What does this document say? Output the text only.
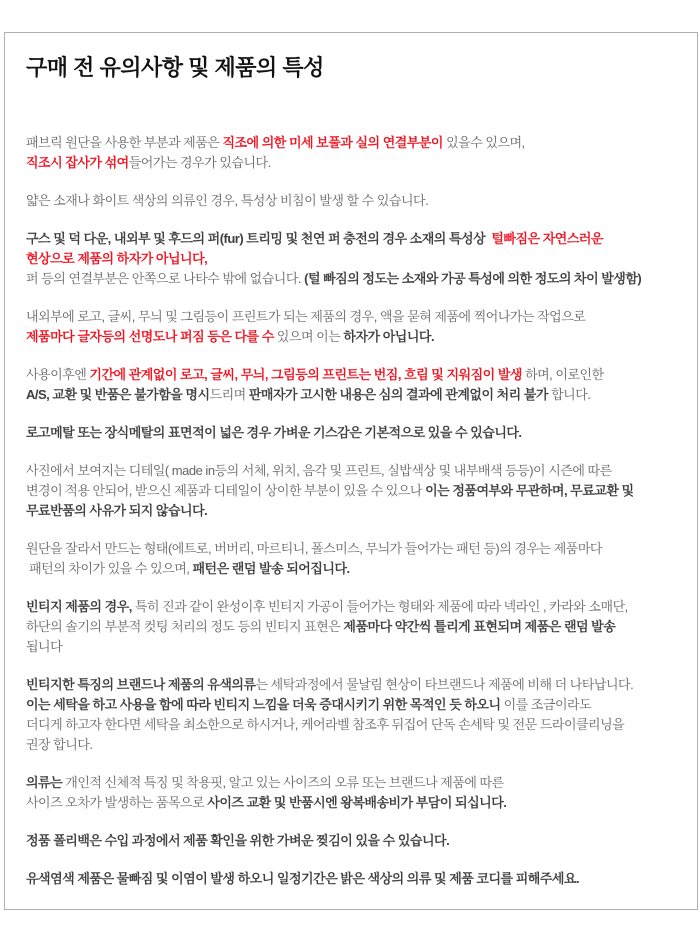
구매 전 유의사항 및 제품의 특성

패브릭 원단을 사용한 부분과 제품은 직조에 의한 미세 보풀과 실의 연결부분이 있을수 있으며,
직조시 잡사가 섞여들어가는 경우가 있습니다.

얇은 소재나 화이트 색상의 의류인 경우, 특성상 비침이 발생 할 수 있습니다.

구스 및 덕 다운, 내외부 및 후드의 퍼(fur) 트리밍 및 천연 퍼 충전의 경우 소재의 특성상  털빠짐은 자연스러운
현상으로 제품의 하자가 아닙니다,
퍼 등의 연결부분은 안쪽으로 나타수 밖에 없습니다. (털 빠짐의 정도는 소재와 가공 특성에 의한 정도의 차이 발생함)

내외부에 로고, 글씨, 무늬 및 그림등이 프린트가 되는 제품의 경우, 액을 묻혀 제품에 찍어나가는 작업으로
제품마다 글자등의 선명도나 퍼짐 등은 다를 수 있으며 이는 하자가 아닙니다.

사용이후엔 기간에 관계없이 로고, 글씨, 무늬, 그림등의 프린트는 번짐, 흐림 및 지워짐이 발생 하며, 이로인한
A/S, 교환 및 반품은 불가함을 명시드리며 판매자가 고시한 내용은 심의 결과에 관계없이 처리 불가 합니다.

로고메탈 또는 장식메탈의 표면적이 넓은 경우 가벼운 기스감은 기본적으로 있을 수 있습니다.

사진에서 보여지는 디테일( made in등의 서체, 위치, 음각 및 프린트, 실밥색상 및 내부배색 등등)이 시즌에 따른
변경이 적용 안되어, 받으신 제품과 디테일이 상이한 부분이 있을 수 있으나 이는 정품여부와 무관하며, 무료교환 및
무료반품의 사유가 되지 않습니다.

원단을 잘라서 만드는 형태(에트로, 버버리, 마르티니, 폴스미스, 무늬가 들어가는 패턴 등)의 경우는 제품마다
패턴의 차이가 있을 수 있으며, 패턴은 랜덤 발송 되어집니다.

빈티지 제품의 경우, 특히 진과 같이 완성이후 빈티지 가공이 들어가는 형태와 제품에 따라 넥라인 , 카라와 소매단,
하단의 솔기의 부분적 컷팅 처리의 정도 등의 빈티지 표현은 제품마다 약간씩 틀리게 표현되며 제품은 랜덤 발송
됩니다

빈티지한 특징의 브랜드나 제품의 유색의류는 세탁과정에서 물날림 현상이 타브랜드나 제품에 비해 더 나타납니다.
이는 세탁을 하고 사용을 함에 따라 빈티지 느낌을 더욱 증대시키기 위한 목적인 듯 하오니 이를 조금이라도
더디게 하고자 한다면 세탁을 최소한으로 하시거나, 케어라벨 참조후 뒤집어 단독 손세탁 및 전문 드라이클리닝을
권장 합니다.

의류는 개인적 신체적 특징 및 착용핏, 알고 있는 사이즈의 오류 또는 브랜드나 제품에 따른
사이즈 오차가 발생하는 품목으로 사이즈 교환 및 반품시엔 왕복배송비가 부담이 되십니다.

정품 폴리백은 수입 과정에서 제품 확인을 위한 가벼운 찢김이 있을 수 있습니다.

유색염색 제품은 물빠짐 및 이염이 발생 하오니 일정기간은 밝은 색상의 의류 및 제품 코디를 피해주세요.
